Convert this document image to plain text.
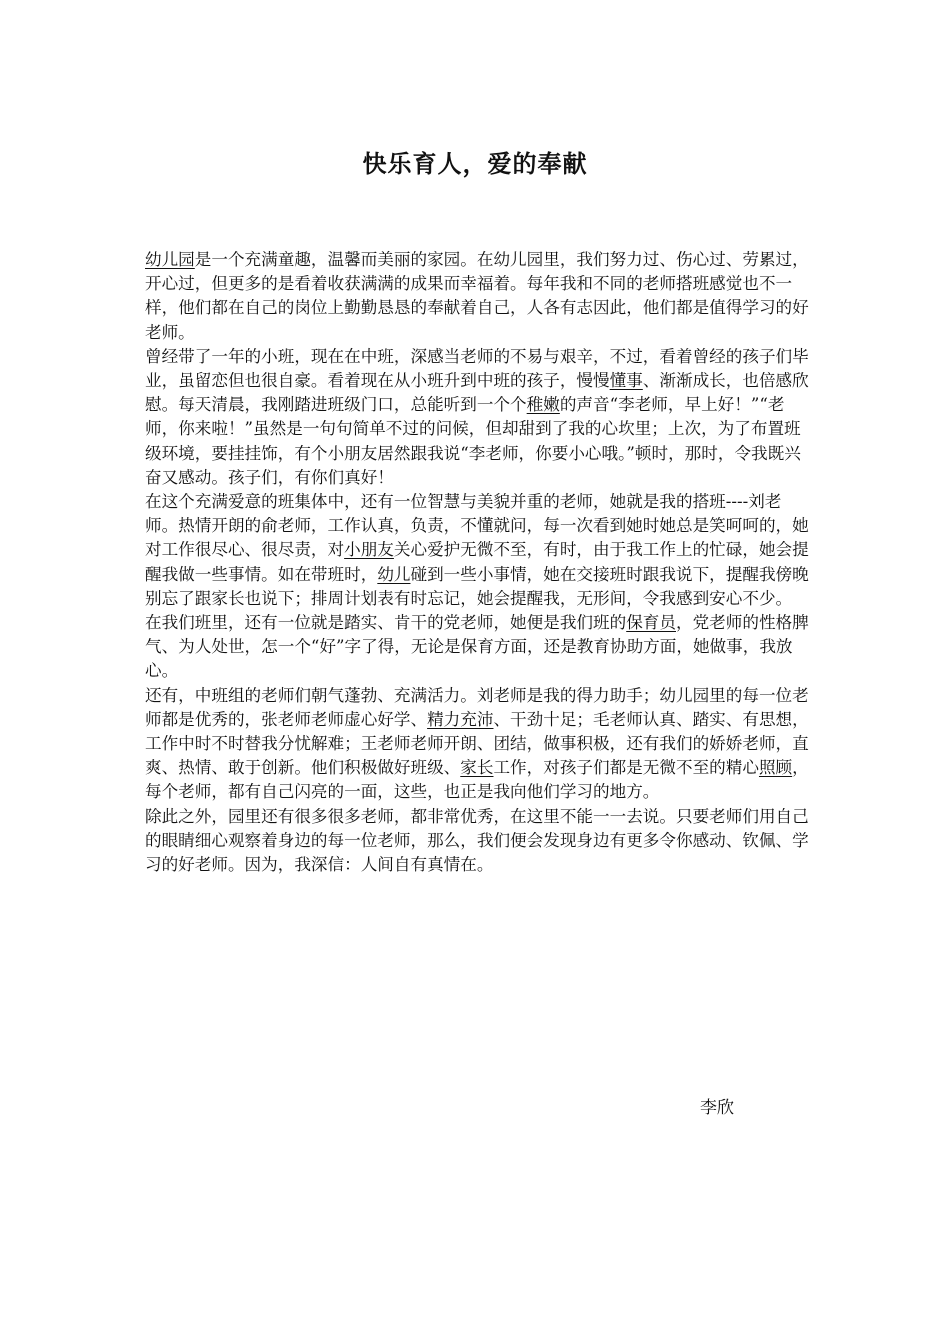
快乐育人，爱的奉献

幼儿园是一个充满童趣，温馨而美丽的家园。在幼儿园里，我们努力过、伤心过、劳累过，开心过，但更多的是看着收获满满的成果而幸福着。每年我和不同的老师搭班感觉也不一样，他们都在自己的岗位上勤勤恳恳的奉献着自己，人各有志因此，他们都是值得学习的好老师。

曾经带了一年的小班，现在在中班，深感当老师的不易与艰辛，不过，看着曾经的孩子们毕业，虽留恋但也很自豪。看着现在从小班升到中班的孩子，慢慢懂事、渐渐成长，也倍感欣慰。每天清晨，我刚踏进班级门口，总能听到一个个稚嫩的声音“李老师，早上好！”“老师，你来啦！”虽然是一句句简单不过的问候，但却甜到了我的心坎里；上次，为了布置班级环境，要挂挂饰，有个小朋友居然跟我说“李老师，你要小心哦。”顿时，那时，令我既兴奋又感动。孩子们，有你们真好！

在这个充满爱意的班集体中，还有一位智慧与美貌并重的老师，她就是我的搭班----刘老师。热情开朗的俞老师，工作认真，负责，不懂就问，每一次看到她时她总是笑呵呵的，她对工作很尽心、很尽责，对小朋友关心爱护无微不至，有时，由于我工作上的忙碌，她会提醒我做一些事情。如在带班时，幼儿碰到一些小事情，她在交接班时跟我说下，提醒我傍晚别忘了跟家长也说下；排周计划表有时忘记，她会提醒我，无形间，令我感到安心不少。

在我们班里，还有一位就是踏实、肯干的党老师，她便是我们班的保育员，党老师的性格脾气、为人处世，怎一个“好”字了得，无论是保育方面，还是教育协助方面，她做事，我放心。

还有，中班组的老师们朝气蓬勃、充满活力。刘老师是我的得力助手；幼儿园里的每一位老师都是优秀的，张老师老师虚心好学、精力充沛、干劲十足；毛老师认真、踏实、有思想，工作中时不时替我分忧解难；王老师老师开朗、团结，做事积极，还有我们的娇娇老师，直爽、热情、敢于创新。他们积极做好班级、家长工作，对孩子们都是无微不至的精心照顾，每个老师，都有自己闪亮的一面，这些，也正是我向他们学习的地方。

除此之外，园里还有很多很多老师，都非常优秀，在这里不能一一去说。只要老师们用自己的眼睛细心观察着身边的每一位老师，那么，我们便会发现身边有更多令你感动、钦佩、学习的好老师。因为，我深信：人间自有真情在。

李欣
